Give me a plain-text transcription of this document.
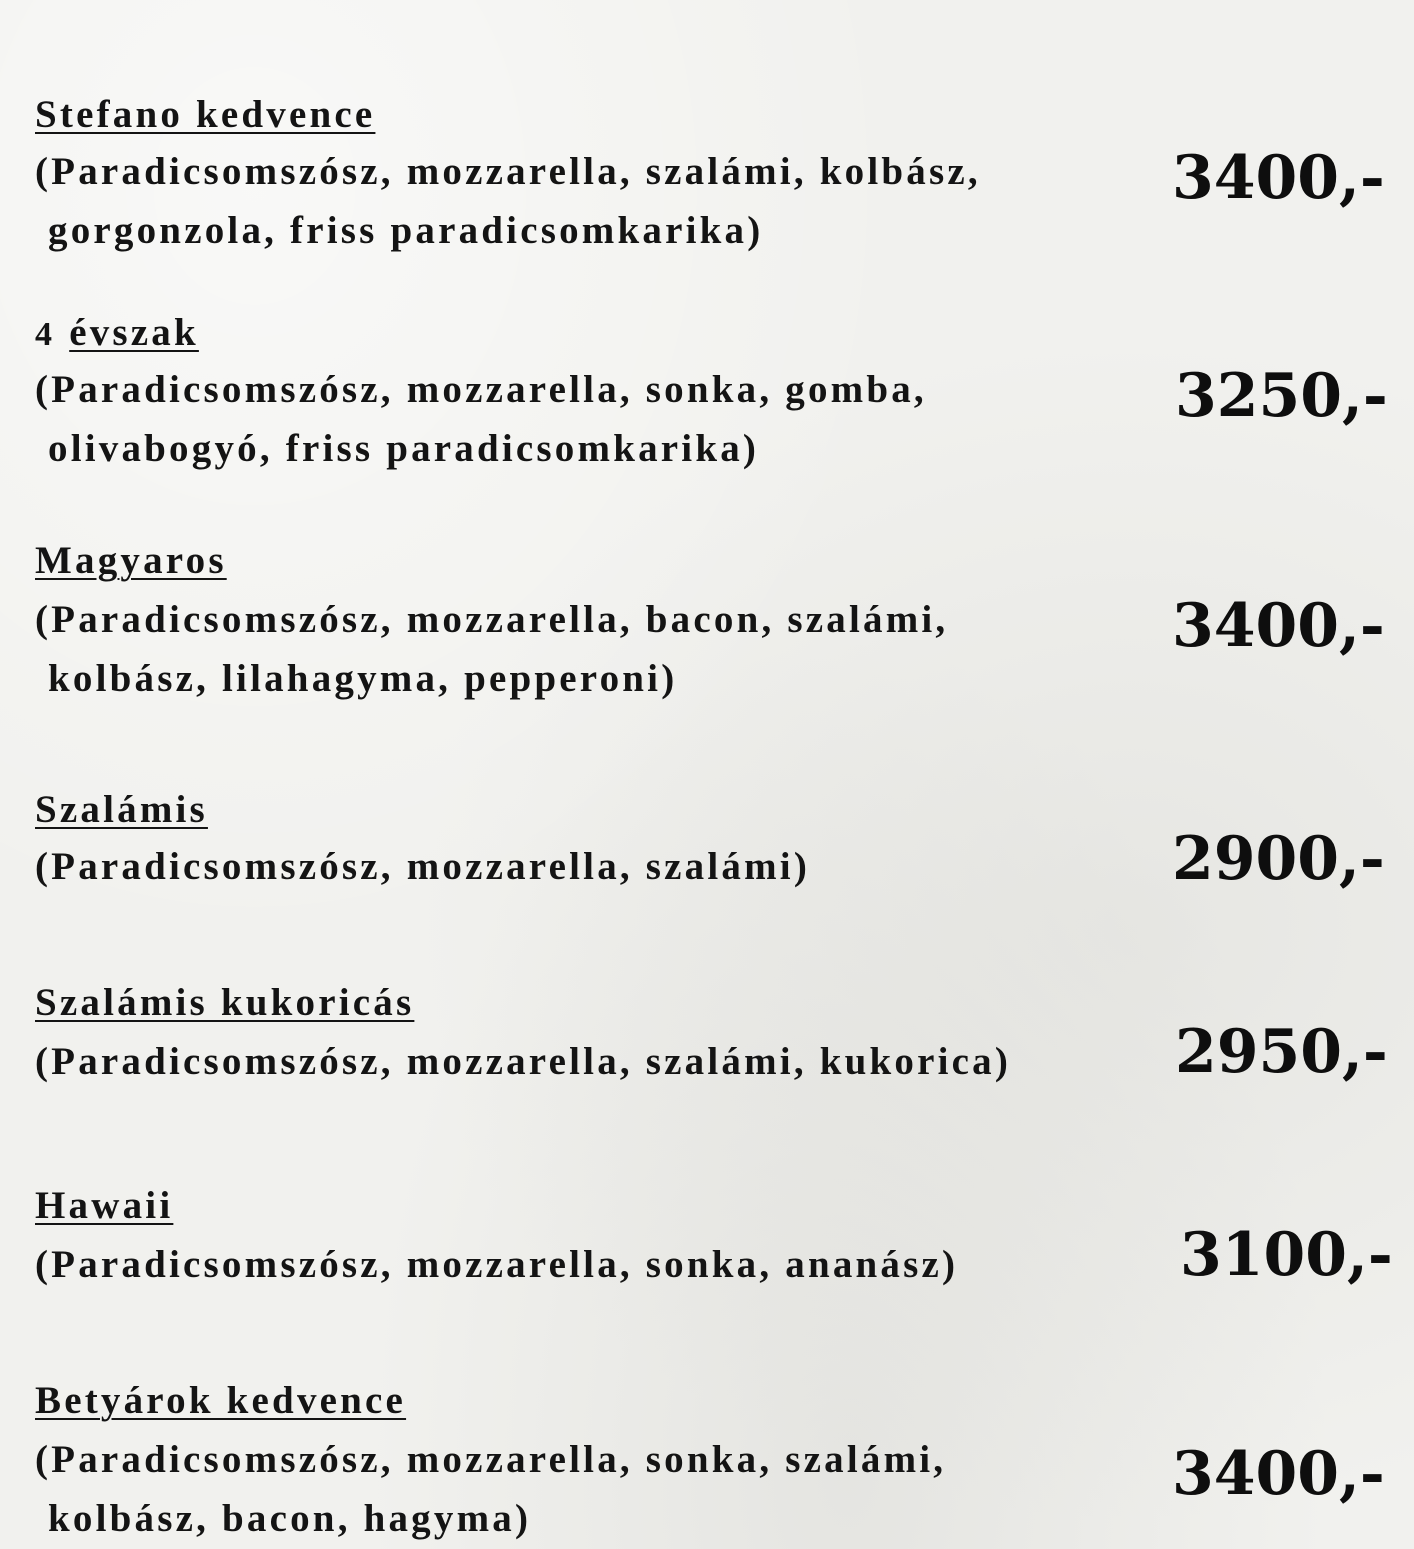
Stefano kedvence
(Paradicsomszósz, mozzarella, szalámi, kolbász,
gorgonzola, friss paradicsomkarika)
3400,-
4 évszak
(Paradicsomszósz, mozzarella, sonka, gomba,
olivabogyó, friss paradicsomkarika)
3250,-
Magyaros
(Paradicsomszósz, mozzarella, bacon, szalámi,
kolbász, lilahagyma, pepperoni)
3400,-
Szalámis
(Paradicsomszósz, mozzarella, szalámi)	2900,-
Szalámis kukoricás
(Paradicsomszósz, mozzarella, szalámi, kukorica)	2950,-
Hawaii
(Paradicsomszósz, mozzarella, sonka, ananász)	3100,-
Betyárok kedvence
(Paradicsomszósz, mozzarella, sonka, szalámi,
kolbász, bacon, hagyma)
3400,-
